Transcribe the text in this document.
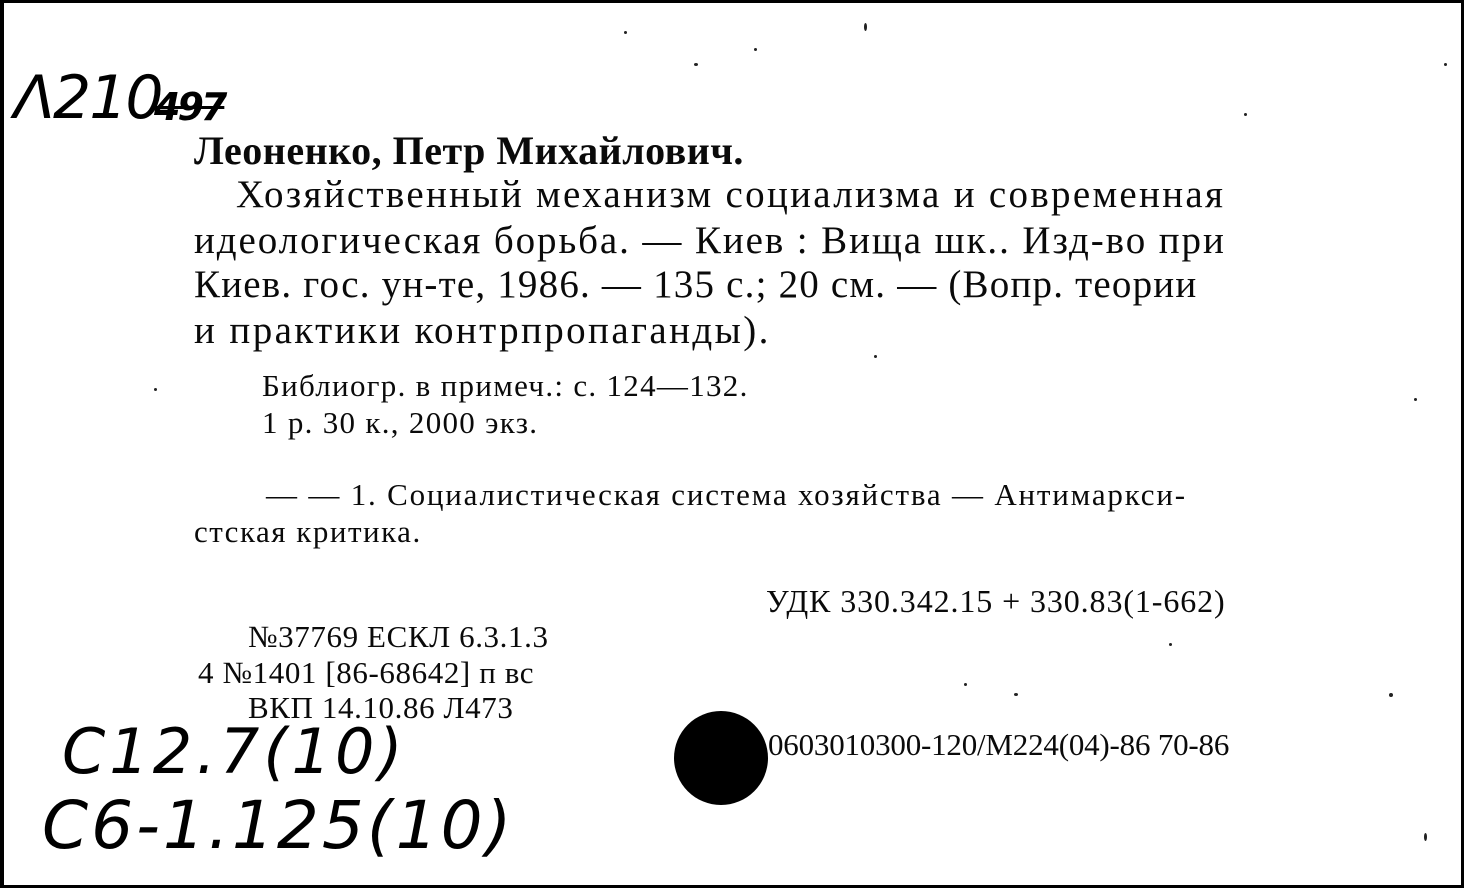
Λ210
497
Леоненко, Петр Михайлович.
Хозяйственный механизм социализма и современная
идеологическая борьба. — Киев : Вища шк.. Изд-во при
Киев. гос. ун-те, 1986. — 135 с.; 20 см. — (Вопр. теории
и практики контрпропаганды).
Библиогр. в примеч.: с. 124—132.
1 р. 30 к., 2000 экз.
— — 1. Социалистическая система хозяйства — Антимаркси-
стская критика.
УДК 330.342.15 + 330.83(1-662)
№37769 ЕСКЛ 6.3.1.3
4 №1401 [86-68642] п вс
ВКП 14.10.86 Л473
0603010300-120/М224(04)-86 70-86
C12.7(10)
C6-1.125(10)
